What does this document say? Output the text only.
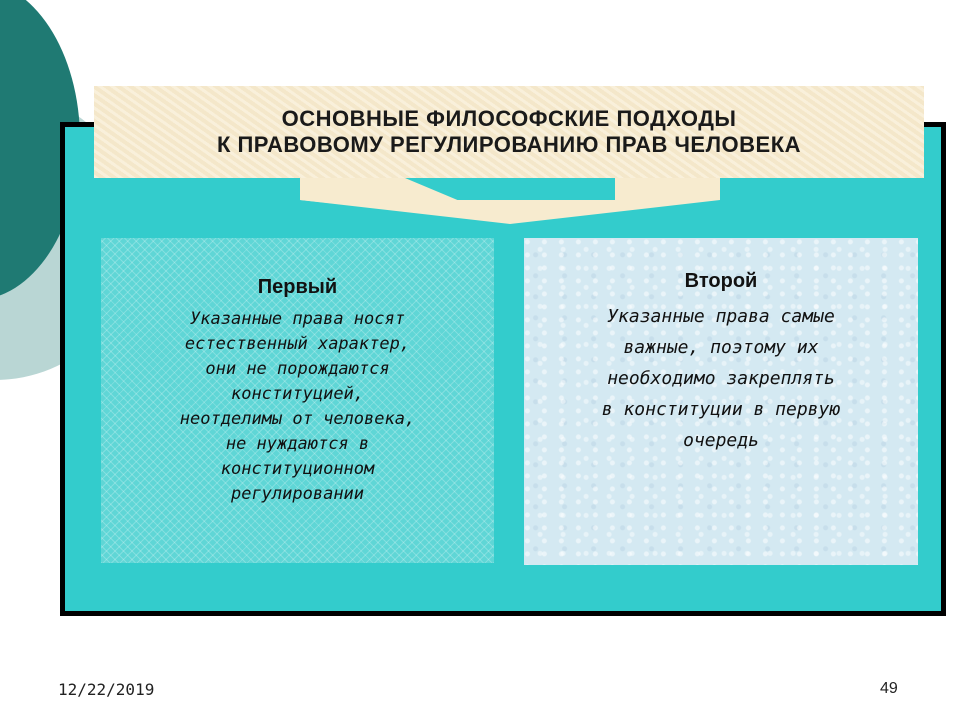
ОСНОВНЫЕ ФИЛОСОФСКИЕ ПОДХОДЫ
К ПРАВОВОМУ РЕГУЛИРОВАНИЮ ПРАВ ЧЕЛОВЕКА
Первый
Указанные права носят
естественный характер,
они не порождаются
конституцией,
неотделимы от человека,
не нуждаются в
конституционном
регулировании
Второй
Указанные права самые
важные, поэтому их
необходимо закреплять
в конституции в первую
очередь
12/22/2019	49
